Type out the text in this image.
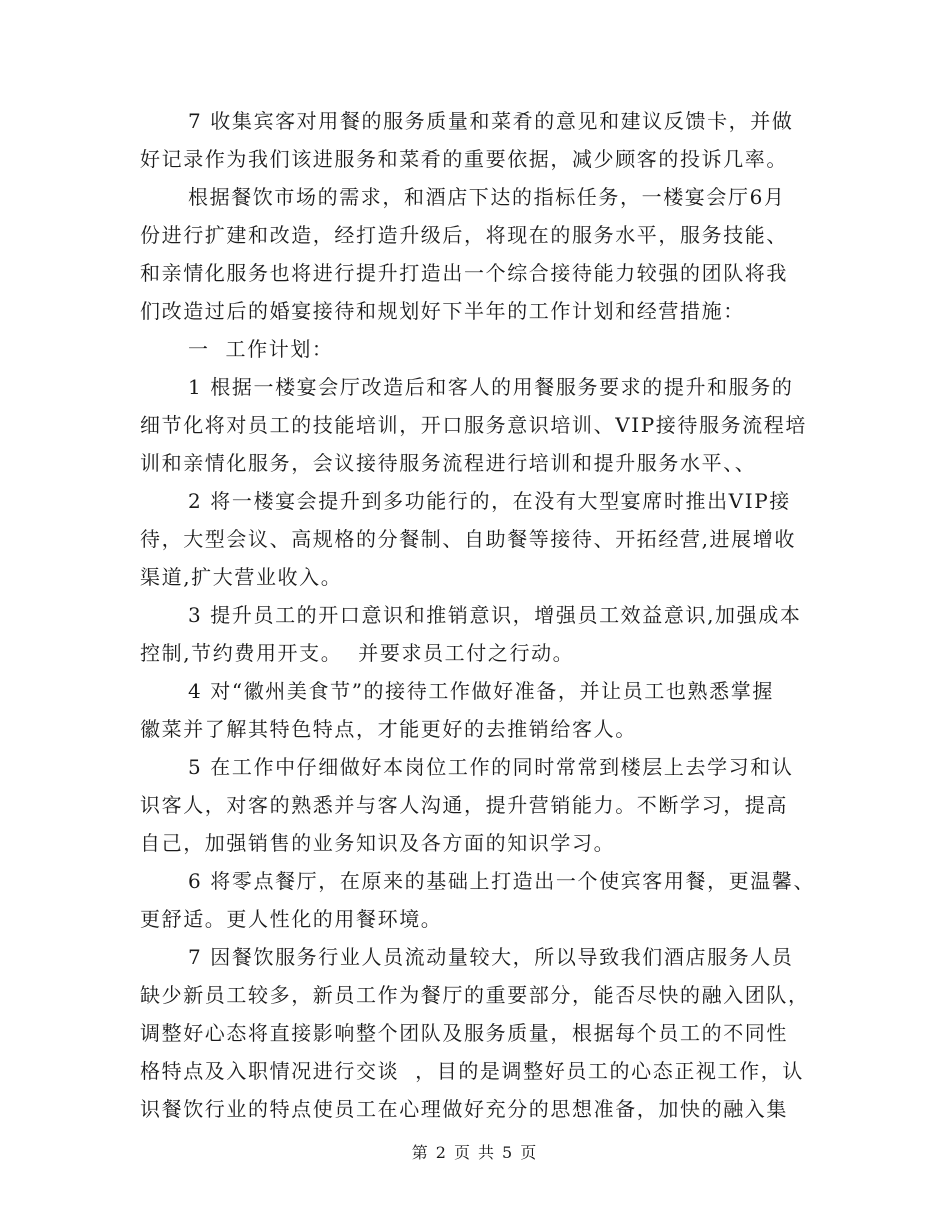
7 收集宾客对用餐的服务质量和菜肴的意见和建议反馈卡，并做
好记录作为我们该进服务和菜肴的重要依据，减少顾客的投诉几率。
根据餐饮市场的需求，和酒店下达的指标任务，一楼宴会厅6月
份进行扩建和改造，经打造升级后，将现在的服务水平，服务技能、
和亲情化服务也将进行提升打造出一个综合接待能力较强的团队将我
们改造过后的婚宴接待和规划好下半年的工作计划和经营措施：
一  工作计划：
1 根据一楼宴会厅改造后和客人的用餐服务要求的提升和服务的
细节化将对员工的技能培训，开口服务意识培训、VIP接待服务流程培
训和亲情化服务，会议接待服务流程进行培训和提升服务水平、、
2 将一楼宴会提升到多功能行的，在没有大型宴席时推出VIP接
待，大型会议、高规格的分餐制、自助餐等接待、开拓经营,进展增收
渠道,扩大营业收入。
3 提升员工的开口意识和推销意识，增强员工效益意识,加强成本
控制,节约费用开支。  并要求员工付之行动。
4 对“徽州美食节”的接待工作做好准备，并让员工也熟悉掌握
徽菜并了解其特色特点，才能更好的去推销给客人。
5 在工作中仔细做好本岗位工作的同时常常到楼层上去学习和认
识客人，对客的熟悉并与客人沟通，提升营销能力。不断学习，提高
自己，加强销售的业务知识及各方面的知识学习。
6 将零点餐厅，在原来的基础上打造出一个使宾客用餐，更温馨、
更舒适。更人性化的用餐环境。
7 因餐饮服务行业人员流动量较大，所以导致我们酒店服务人员
缺少新员工较多，新员工作为餐厅的重要部分，能否尽快的融入团队，
调整好心态将直接影响整个团队及服务质量，根据每个员工的不同性
格特点及入职情况进行交谈  ，目的是调整好员工的心态正视工作，认
识餐饮行业的特点使员工在心理做好充分的思想准备，加快的融入集
第 2 页 共 5 页
